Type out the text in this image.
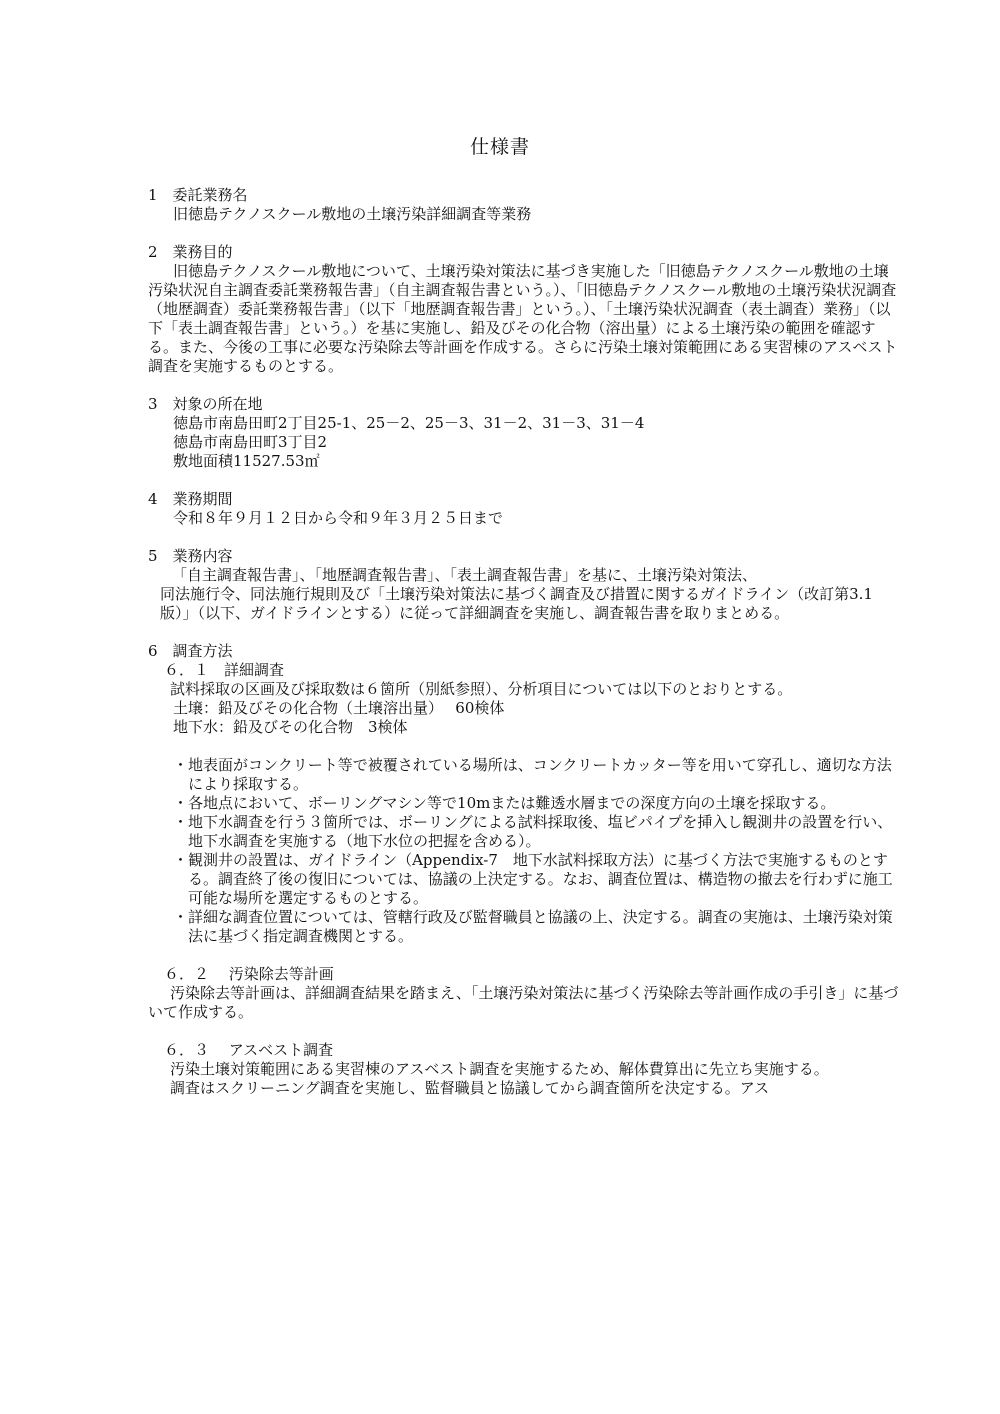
仕様書

1　委託業務名

旧徳島テクノスクール敷地の土壌汚染詳細調査等業務

2　業務目的

旧徳島テクノスクール敷地について、土壌汚染対策法に基づき実施した「旧徳島テクノスクール敷地の土壌汚染状況自主調査委託業務報告書」（自主調査報告書という。）、「旧徳島テクノスクール敷地の土壌汚染状況調査（地歴調査）委託業務報告書」（以下「地歴調査報告書」という。）、「土壌汚染状況調査（表土調査）業務」（以下「表土調査報告書」という。）を基に実施し、鉛及びその化合物（溶出量）による土壌汚染の範囲を確認する。また、今後の工事に必要な汚染除去等計画を作成する。さらに汚染土壌対策範囲にある実習棟のアスベスト調査を実施するものとする。

3　対象の所在地

徳島市南島田町2丁目25-1、25－2、25－3、31－2、31－3、31－4

徳島市南島田町3丁目2

敷地面積11527.53㎡

4　業務期間

令和８年９月１２日から令和９年３月２５日まで

5　業務内容

「自主調査報告書」、「地歴調査報告書」、「表土調査報告書」を基に、土壌汚染対策法、
同法施行令、同法施行規則及び「土壌汚染対策法に基づく調査及び措置に関するガイドライン（改訂第3.1版）」（以下、ガイドラインとする）に従って詳細調査を実施し、調査報告書を取りまとめる。

6　調査方法

６．１　詳細調査

試料採取の区画及び採取数は６箇所（別紙参照）、分析項目については以下のとおりとする。

土壌：鉛及びその化合物（土壌溶出量）　 60検体

地下水：鉛及びその化合物　3検体

・ 地表面がコンクリート等で被覆されている場所は、コンクリートカッター等を用いて穿孔し、適切な方法により採取する。
・ 各地点において、ボーリングマシン等で10mまたは難透水層までの深度方向の土壌を採取する。
・ 地下水調査を行う３箇所では、ボーリングによる試料採取後、塩ビパイプを挿入し観測井の設置を行い、地下水調査を実施する（地下水位の把握を含める）。
・ 観測井の設置は、ガイドライン（Appendix-7　地下水試料採取方法）に基づく方法で実施するものとする。調査終了後の復旧については、協議の上決定する。なお、調査位置は、構造物の撤去を行わずに施工可能な場所を選定するものとする。
・ 詳細な調査位置については、管轄行政及び監督職員と協議の上、決定する。調査の実施は、土壌汚染対策法に基づく指定調査機関とする。

６．２　 汚染除去等計画

汚染除去等計画は、詳細調査結果を踏まえ、「土壌汚染対策法に基づく汚染除去等計画作成の手引き」に基づいて作成する。

６．３　 アスベスト調査

汚染土壌対策範囲にある実習棟のアスベスト調査を実施するため、解体費算出に先立ち実施する。

調査はスクリーニング調査を実施し、監督職員と協議してから調査箇所を決定する。アス
